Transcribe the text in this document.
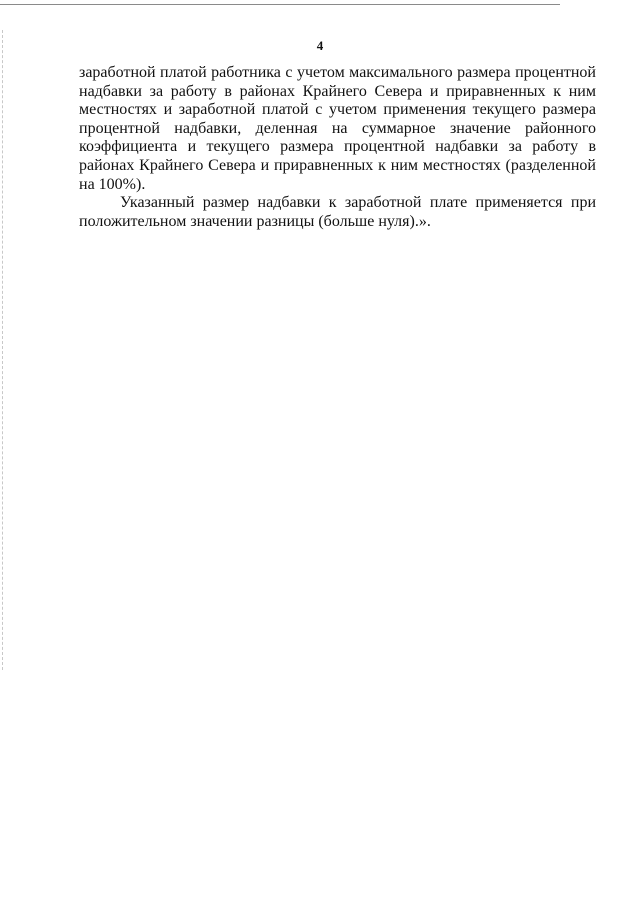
4

заработной платой работника с учетом максимального размера процентной надбавки за работу в районах Крайнего Севера и приравненных к ним местностях и заработной платой с учетом применения текущего размера процентной надбавки, деленная на суммарное значение районного коэффициента и текущего размера процентной надбавки за работу в районах Крайнего Севера и приравненных к ним местностях (разделенной на 100%).

Указанный размер надбавки к заработной плате применяется при положительном значении разницы (больше нуля).».
